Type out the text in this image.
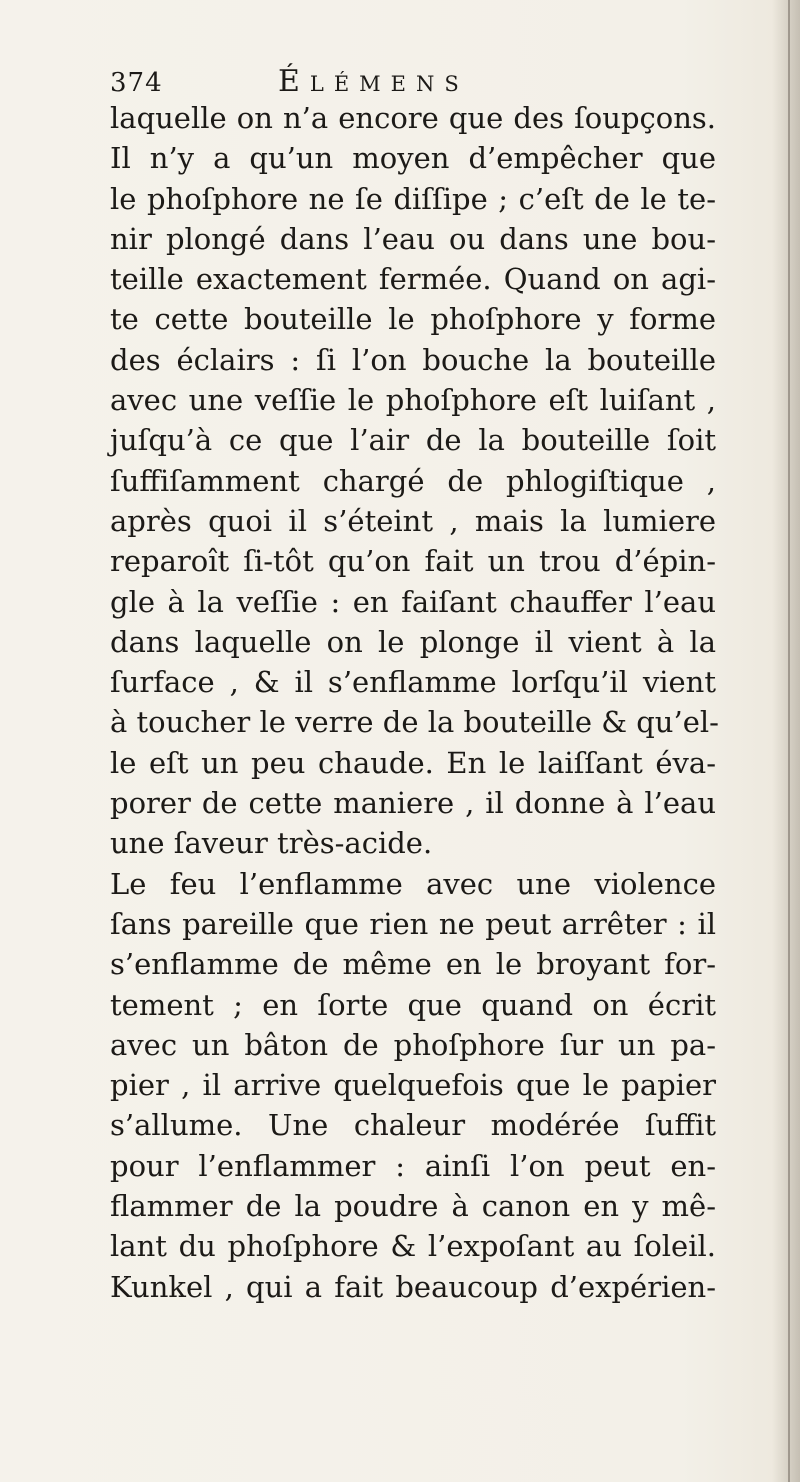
374	Élémens
laquelle on n’a encore que des ſoupçons.
Il n’y a qu’un moyen d’empêcher que
le phoſphore ne ſe diſſipe ; c’eſt de le te-
nir plongé dans l’eau ou dans une bou-
teille exactement fermée. Quand on agi-
te cette bouteille le phoſphore y forme
des éclairs : ſi l’on bouche la bouteille
avec une veſſie le phoſphore eſt luiſant ,
juſqu’à ce que l’air de la bouteille ſoit
ſuffiſamment chargé de phlogiſtique ,
après quoi il s’éteint , mais la lumiere
reparoît ſi-tôt qu’on fait un trou d’épin-
gle à la veſſie : en faiſant chauffer l’eau
dans laquelle on le plonge il vient à la
ſurface , & il s’enflamme lorſqu’il vient
à toucher le verre de la bouteille & qu’el-
le eſt un peu chaude. En le laiſſant éva-
porer de cette maniere , il donne à l’eau
une ſaveur très-acide.
Le feu l’enflamme avec une violence
ſans pareille que rien ne peut arrêter : il
s’enflamme de même en le broyant for-
tement ; en ſorte que quand on écrit
avec un bâton de phoſphore ſur un pa-
pier , il arrive quelquefois que le papier
s’allume. Une chaleur modérée ſuffit
pour l’enflammer : ainſi l’on peut en-
flammer de la poudre à canon en y mê-
lant du phoſphore & l’expoſant au ſoleil.
Kunkel , qui a fait beaucoup d’expérien-
